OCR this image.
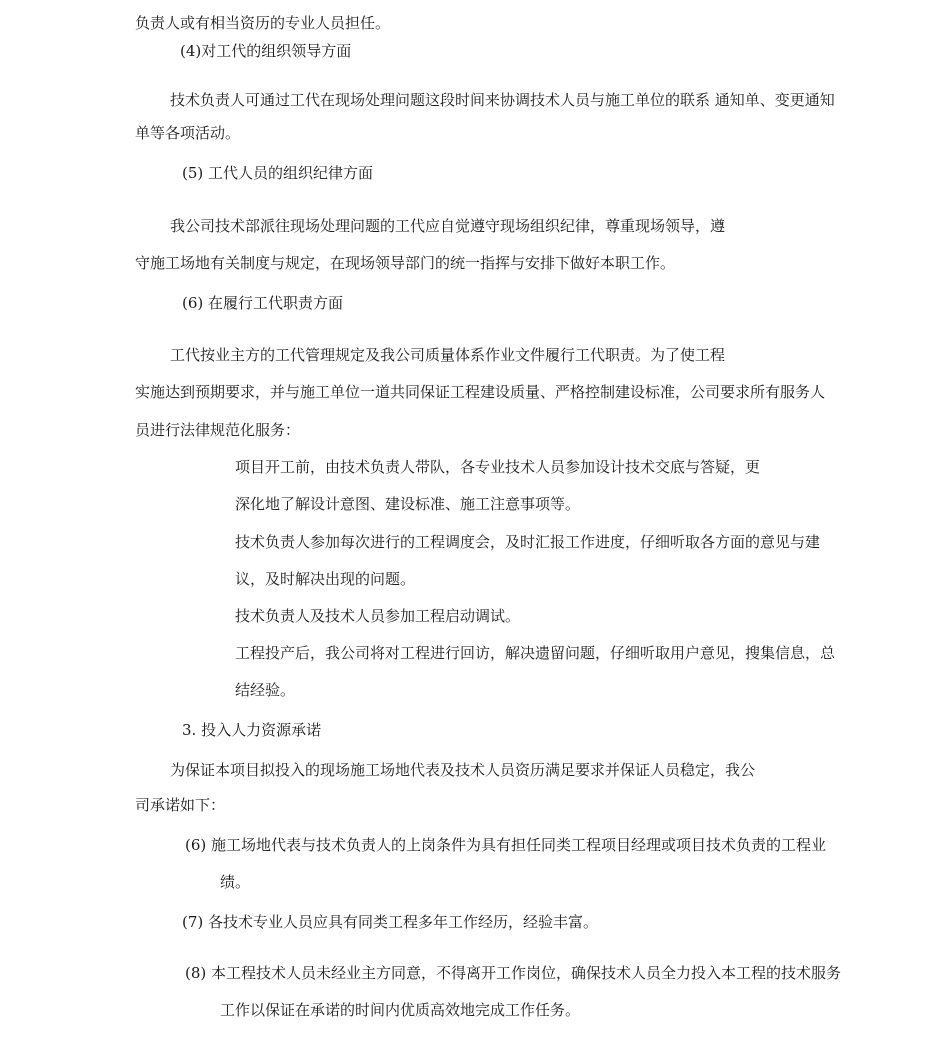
负责人或有相当资历的专业人员担任。
(4)对工代的组织领导方面
技术负责人可通过工代在现场处理问题这段时间来协调技术人员与施工单位的联系 通知单、变更通知
单等各项活动。
(5) 工代人员的组织纪律方面
我公司技术部派往现场处理问题的工代应自觉遵守现场组织纪律，尊重现场领导，遵
守施工场地有关制度与规定，在现场领导部门的统一指挥与安排下做好本职工作。
(6) 在履行工代职责方面
工代按业主方的工代管理规定及我公司质量体系作业文件履行工代职责。为了使工程
实施达到预期要求，并与施工单位一道共同保证工程建设质量、严格控制建设标准，公司要求所有服务人
员进行法律规范化服务：
项目开工前，由技术负责人带队，各专业技术人员参加设计技术交底与答疑，更
深化地了解设计意图、建设标准、施工注意事项等。
技术负责人参加每次进行的工程调度会，及时汇报工作进度，仔细听取各方面的意见与建
议，及时解决出现的问题。
技术负责人及技术人员参加工程启动调试。
工程投产后，我公司将对工程进行回访，解决遗留问题，仔细听取用户意见，搜集信息，总
结经验。
3. 投入人力资源承诺
为保证本项目拟投入的现场施工场地代表及技术人员资历满足要求并保证人员稳定，我公
司承诺如下：
(6) 施工场地代表与技术负责人的上岗条件为具有担任同类工程项目经理或项目技术负责的工程业
绩。
(7) 各技术专业人员应具有同类工程多年工作经历，经验丰富。
(8) 本工程技术人员未经业主方同意，不得离开工作岗位，确保技术人员全力投入本工程的技术服务
工作以保证在承诺的时间内优质高效地完成工作任务。
